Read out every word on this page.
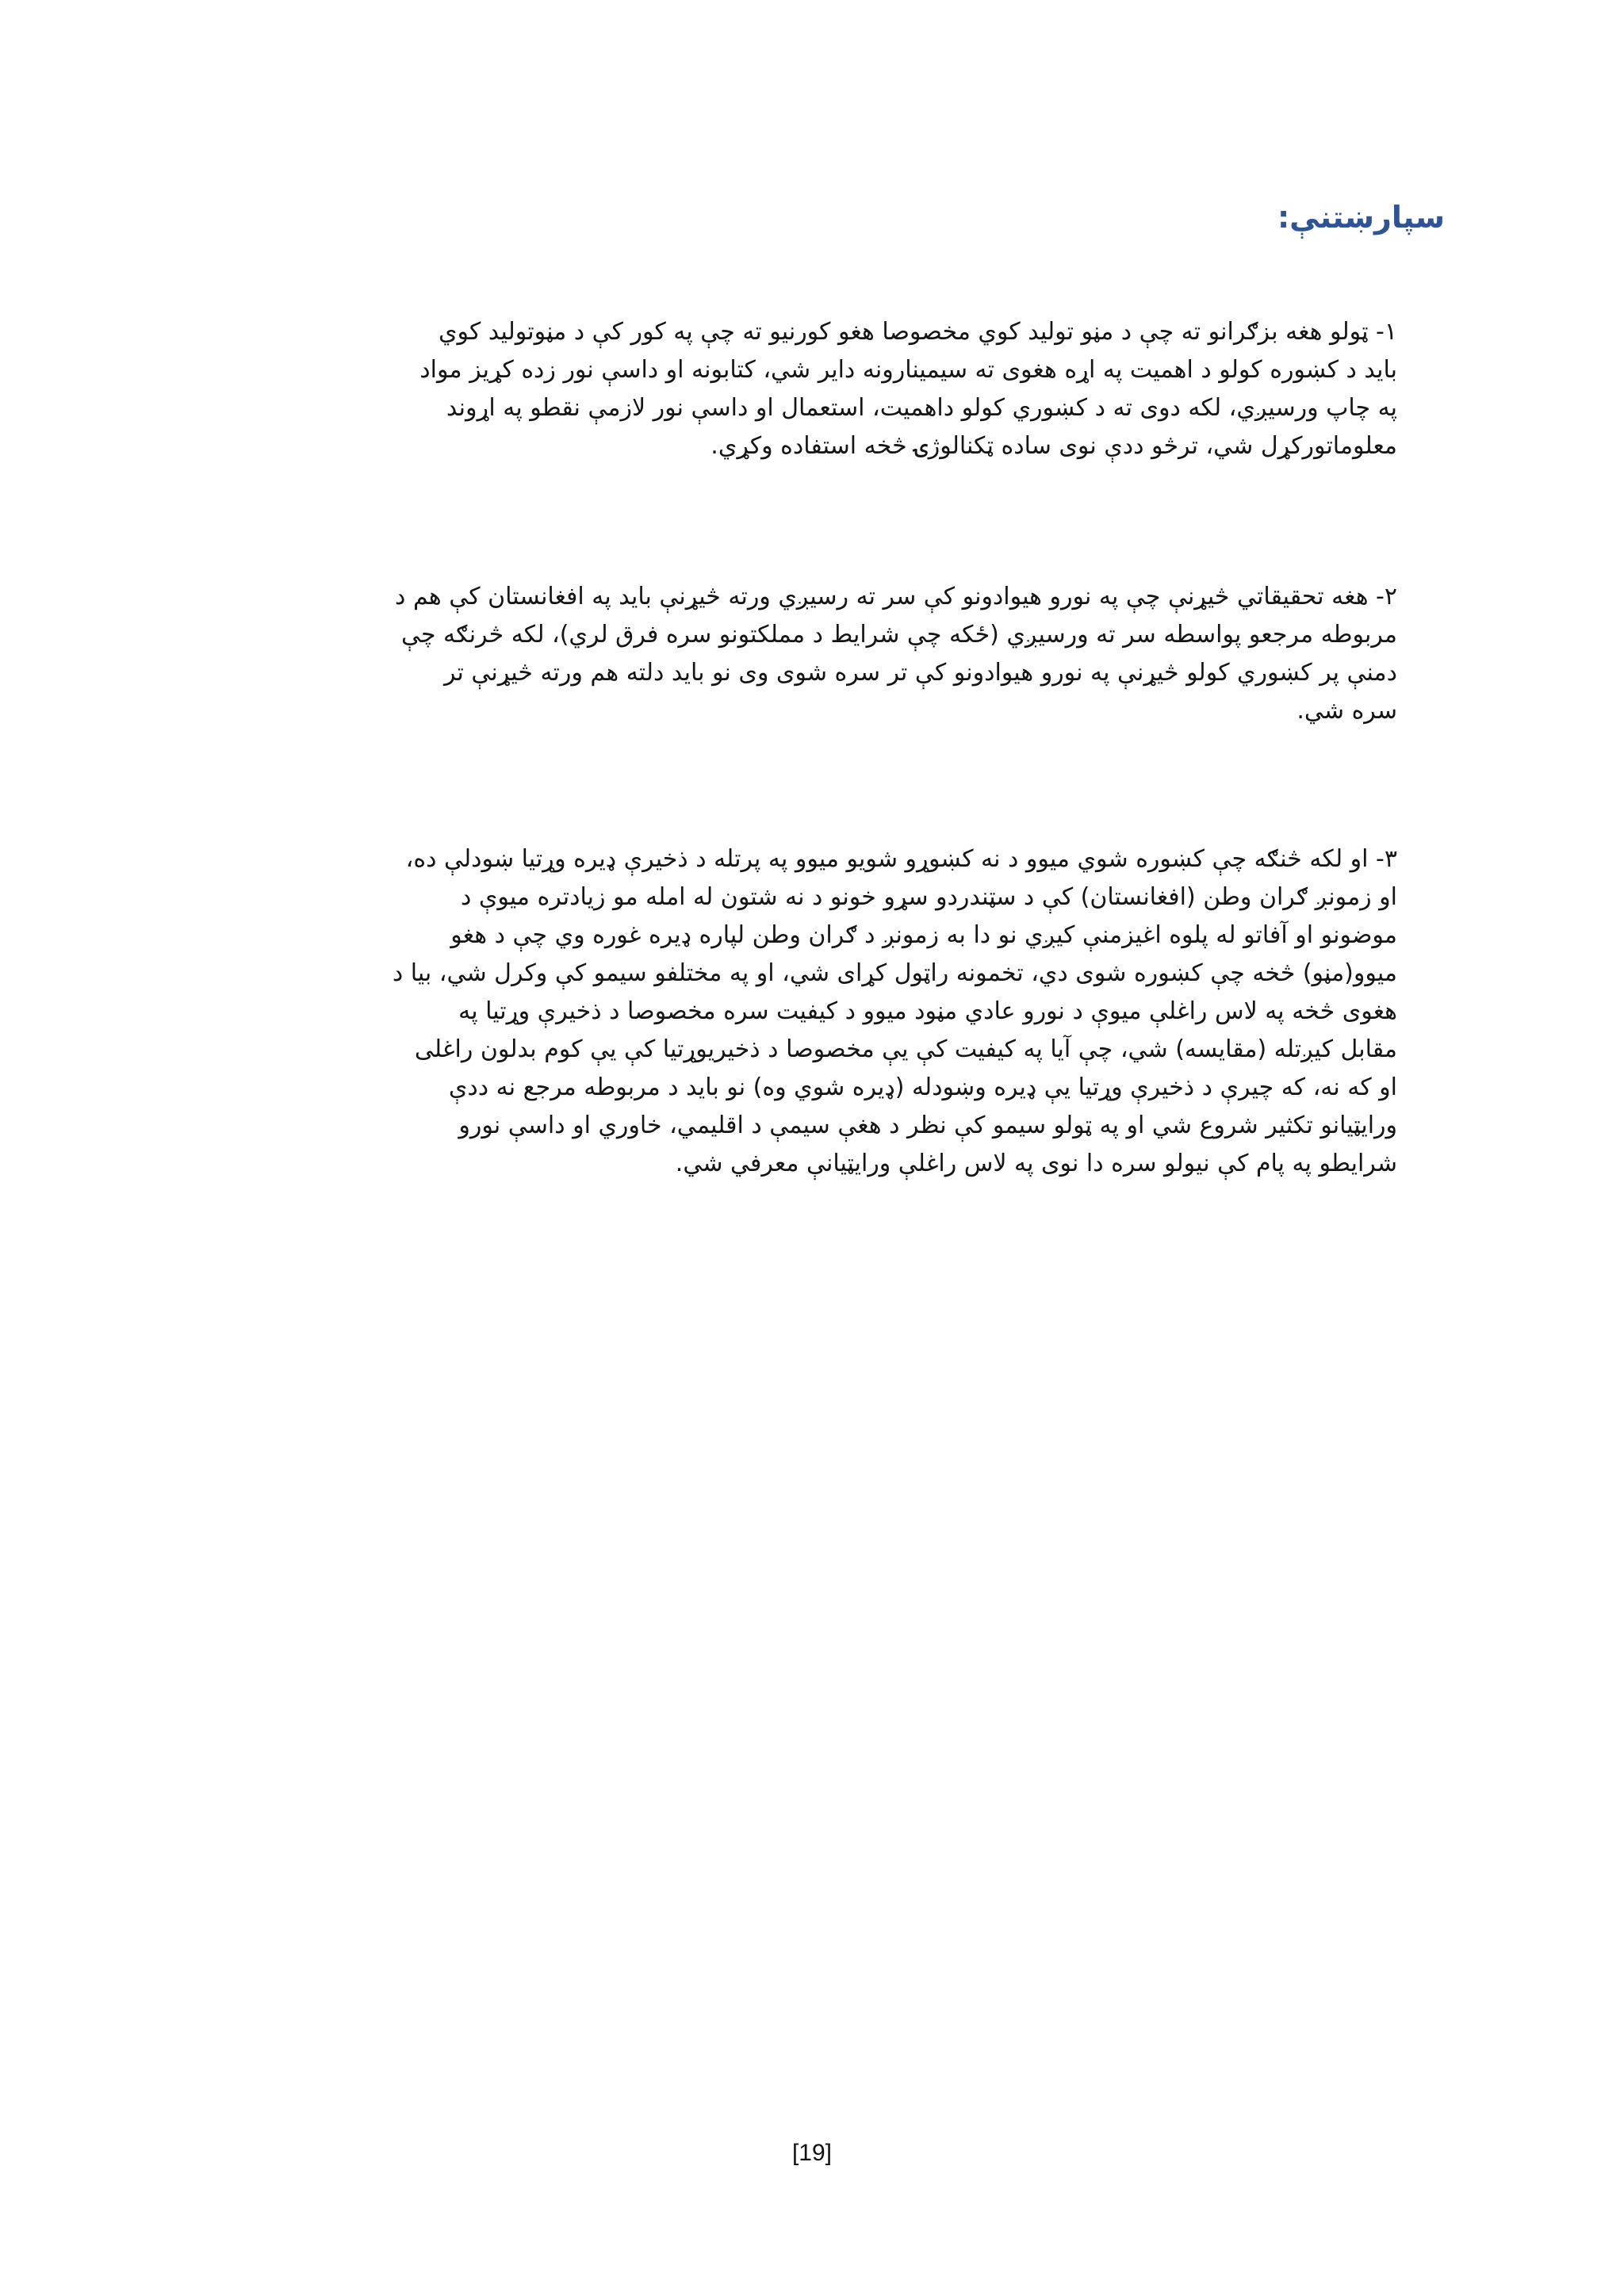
سپارښتنې:
۱- ټولو هغه بزګرانو ته چې د مڼو تولید کوي مخصوصا هغو کورنیو ته چې په کور کې د مڼوتولید کوي
باید د کښوره کولو د اهمیت په اړه هغوی ته سیمینارونه دایر شي، کتابونه او داسې نور زده کړیز مواد
په چاپ ورسیږي، لکه دوی ته د کښوري کولو داهمیت، استعمال او داسې نور لازمې نقطو په اړوند
معلوماتورکړل شي، ترڅو ددې نوی ساده ټکنالوژۍ څخه استفاده وکړي.
۲- هغه تحقیقاتي څیړنې چې په نورو هیوادونو کې سر ته رسیږي ورته څیړنې باید په افغانستان کې هم د
مربوطه مرجعو پواسطه سر ته ورسیږي (ځکه چې شرایط د مملکتونو سره فرق لري)، لکه څرنګه چې
دمنې پر کښوري کولو څیړنې په نورو هیوادونو کې تر سره شوی وی نو باید دلته هم ورته څیړنې تر
سره شي.
۳- او لکه څنګه چې کښوره شوي میوو د نه کښوړو شویو میوو په پرتله د ذخیرې ډیره وړتیا ښودلې ده،
او زمونږ ګران وطن (افغانستان) کې د سټندردو سړو خونو د نه شتون له امله مو زیادتره میوې د
موضونو او آفاتو له پلوه اغیزمنې کیږي نو دا به زمونږ د ګران وطن لپاره ډیره غوره وي چې د هغو
میوو(مڼو) څخه چې کښوره شوی دي، تخمونه راټول کړای شي، او په مختلفو سیمو کې وکرل شي، بیا د
هغوی څخه په لاس راغلې میوې د نورو عادي مڼود میوو د کیفیت سره مخصوصا د ذخیرې وړتیا په
مقابل کیږتله (مقایسه) شي، چې آیا په کیفیت کې یې مخصوصا د ذخیریوړتیا کې یې کوم بدلون راغلی
او که نه، که چیرې د ذخیرې وړتیا یې ډیره وښودله (ډیره شوي وه) نو باید د مربوطه مرجع نه ددې
ورایټیانو تکثیر شروع شي او په ټولو سیمو کې نظر د هغې سیمې د اقلیمي، خاوري او داسې نورو
شرایطو په پام کې نیولو سره دا نوی په لاس راغلې ورایټیانې معرفي شي.
[19]
